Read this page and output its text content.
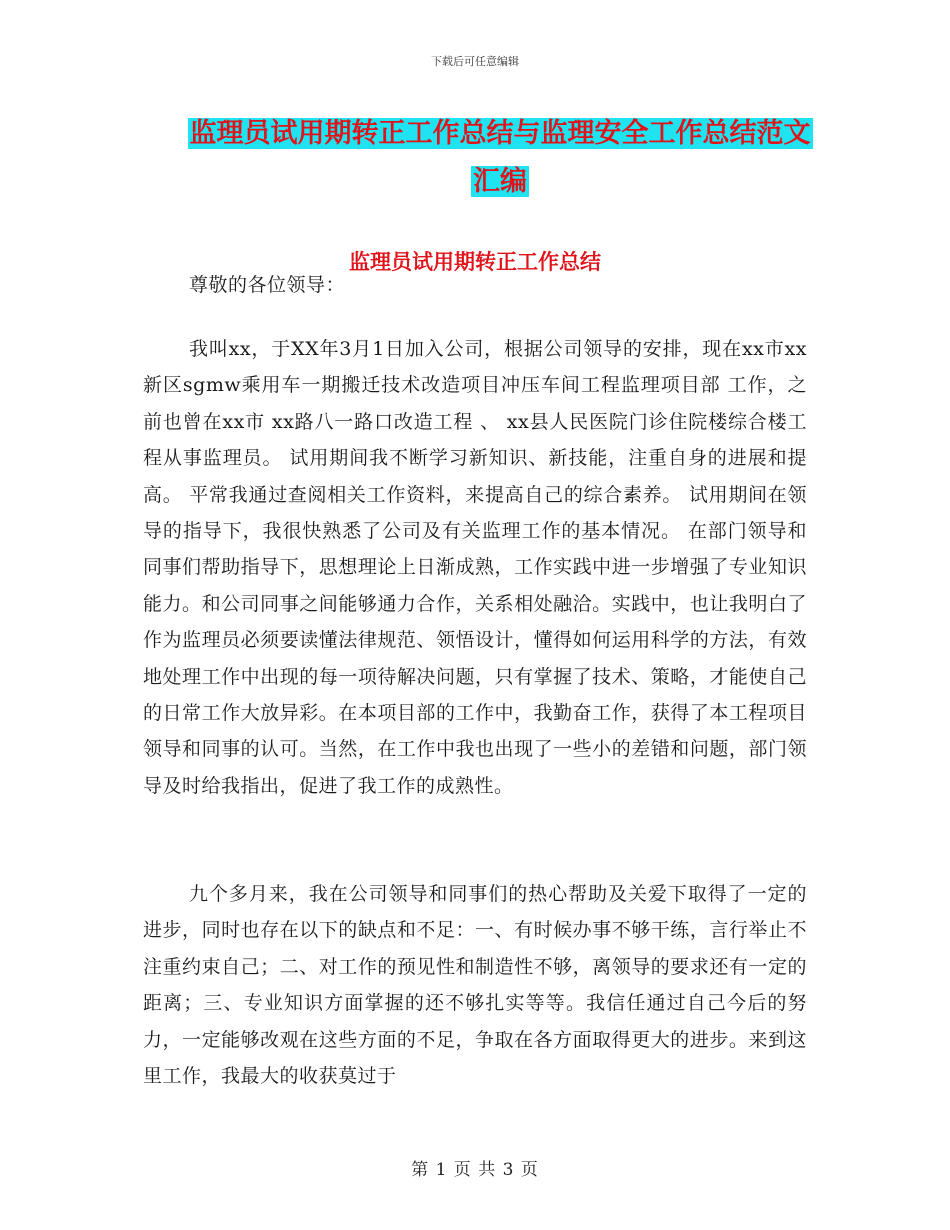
下载后可任意编辑
监理员试用期转正工作总结与监理安全工作总结范文
汇编
监理员试用期转正工作总结
尊敬的各位领导：
我叫xx，于XX年3月1日加入公司，根据公司领导的安排，现在xx市xx新区sgmw乘用车一期搬迁技术改造项目冲压车间工程监理项目部 工作，之前也曾在xx市 xx路八一路口改造工程 、 xx县人民医院门诊住院楼综合楼工程从事监理员。 试用期间我不断学习新知识、新技能，注重自身的进展和提高。 平常我通过查阅相关工作资料，来提高自己的综合素养。 试用期间在领导的指导下，我很快熟悉了公司及有关监理工作的基本情况。 在部门领导和同事们帮助指导下，思想理论上日渐成熟，工作实践中进一步增强了专业知识能力。和公司同事之间能够通力合作，关系相处融洽。实践中，也让我明白了作为监理员必须要读懂法律规范、领悟设计，懂得如何运用科学的方法，有效地处理工作中出现的每一项待解决问题，只有掌握了技术、策略，才能使自己的日常工作大放异彩。在本项目部的工作中，我勤奋工作，获得了本工程项目领导和同事的认可。当然，在工作中我也出现了一些小的差错和问题，部门领导及时给我指出，促进了我工作的成熟性。
九个多月来，我在公司领导和同事们的热心帮助及关爱下取得了一定的进步，同时也存在以下的缺点和不足：一、有时候办事不够干练，言行举止不注重约束自己；二、对工作的预见性和制造性不够，离领导的要求还有一定的距离；三、专业知识方面掌握的还不够扎实等等。我信任通过自己今后的努力，一定能够改观在这些方面的不足，争取在各方面取得更大的进步。来到这里工作，我最大的收获莫过于
第 1 页 共 3 页
